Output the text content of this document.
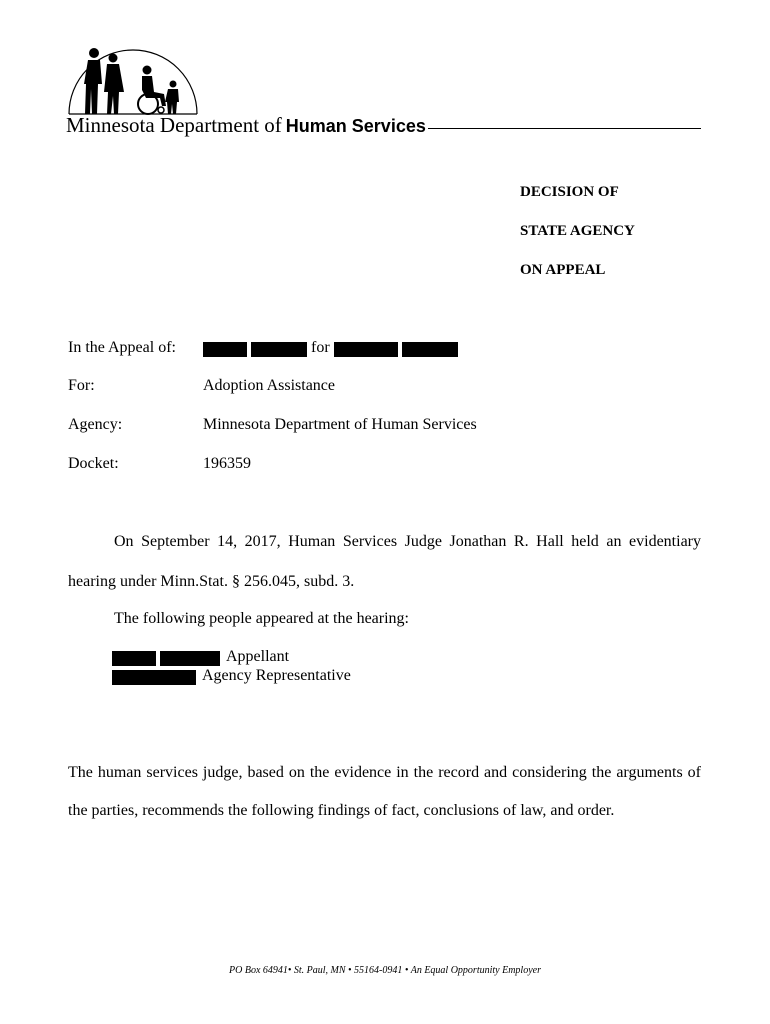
Minnesota Department of Human Services
DECISION OF
STATE AGENCY
ON APPEAL
In the Appeal of:	for
For:	Adoption Assistance
Agency:	Minnesota Department of Human Services
Docket:	196359
On September 14, 2017, Human Services Judge Jonathan R. Hall held an evidentiary
hearing under Minn.Stat. § 256.045, subd. 3.
The following people appeared at the hearing:
Appellant
Agency Representative
The human services judge, based on the evidence in the record and considering the arguments of
the parties, recommends the following findings of fact, conclusions of law, and order.
PO Box 64941• St. Paul, MN • 55164-0941 • An Equal Opportunity Employer
